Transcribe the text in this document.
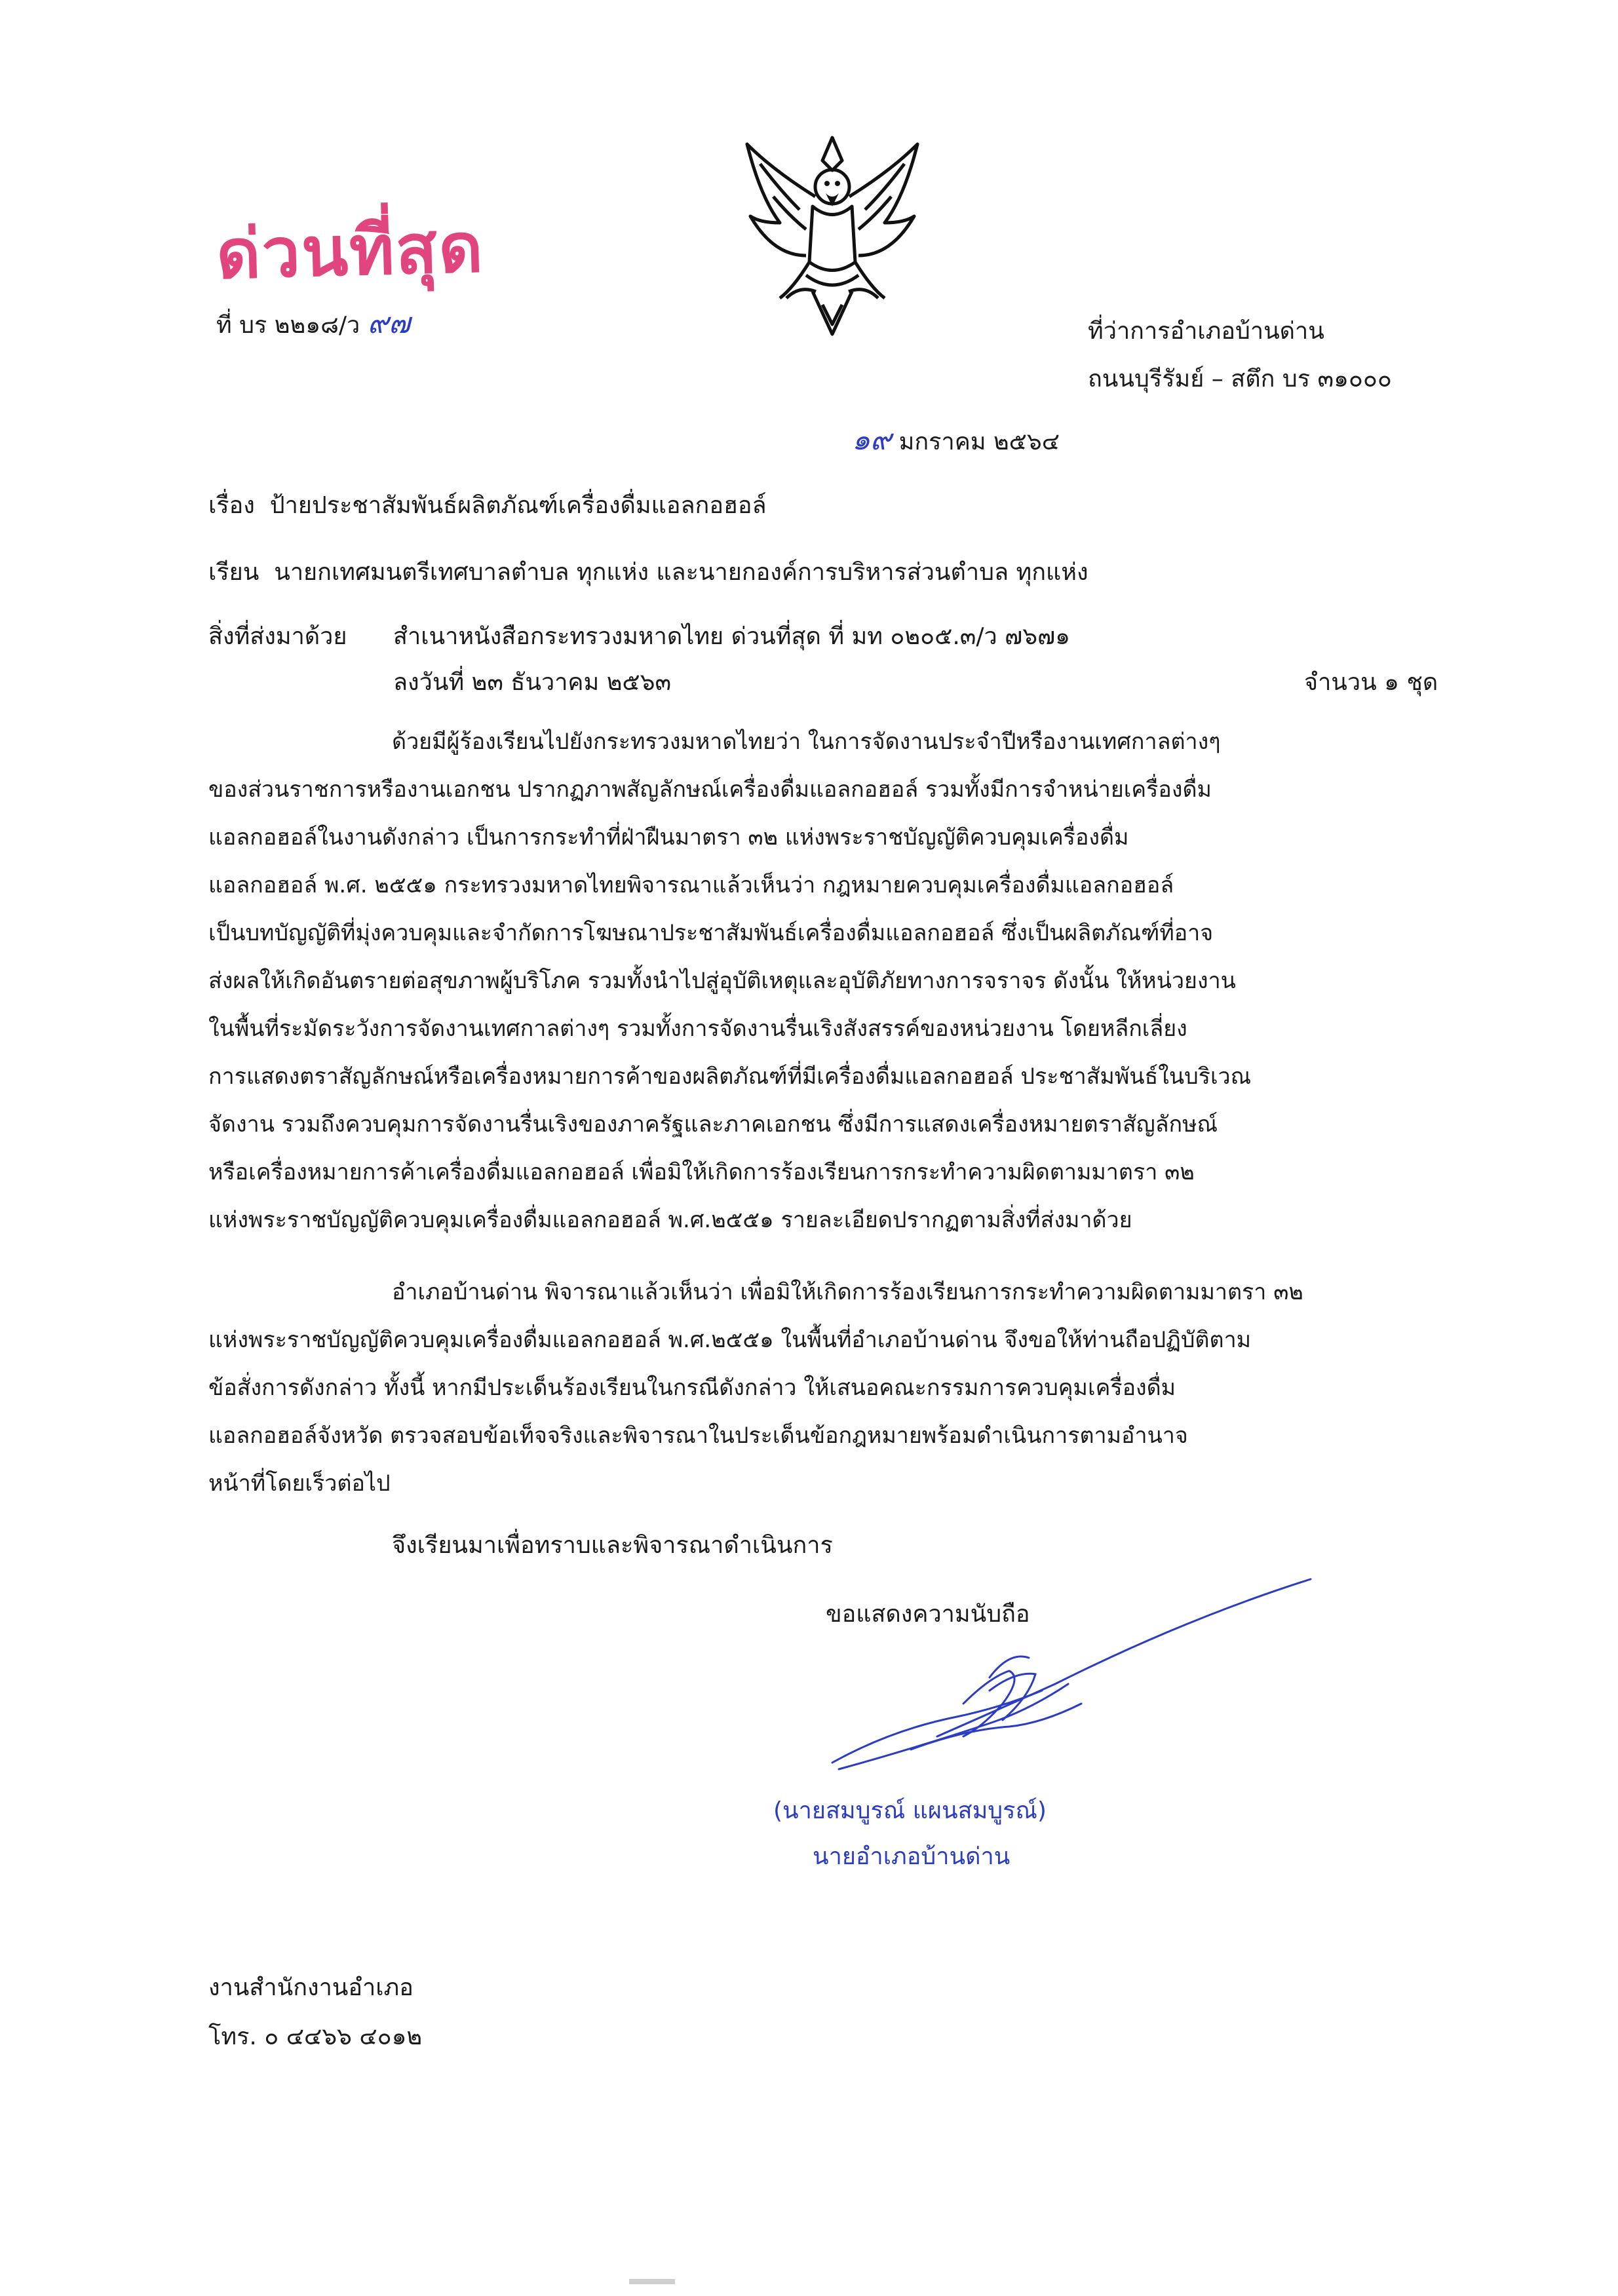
ด่วนที่สุด
ที่ บร ๒๒๑๘/ว ๙๗	ที่ว่าการอำเภอบ้านด่าน
ถนนบุรีรัมย์ – สตึก บร ๓๑๐๐๐
๑๙ มกราคม ๒๕๖๔
เรื่อง ป้ายประชาสัมพันธ์ผลิตภัณฑ์เครื่องดื่มแอลกอฮอล์
เรียน นายกเทศมนตรีเทศบาลตำบล ทุกแห่ง และนายกองค์การบริหารส่วนตำบล ทุกแห่ง
สิ่งที่ส่งมาด้วย สำเนาหนังสือกระทรวงมหาดไทย ด่วนที่สุด ที่ มท ๐๒๐๕.๓/ว ๗๖๗๑
ลงวันที่ ๒๓ ธันวาคม ๒๕๖๓	จำนวน ๑ ชุด
ด้วยมีผู้ร้องเรียนไปยังกระทรวงมหาดไทยว่า ในการจัดงานประจำปีหรืองานเทศกาลต่างๆ
ของส่วนราชการหรืองานเอกชน ปรากฏภาพสัญลักษณ์เครื่องดื่มแอลกอฮอล์ รวมทั้งมีการจำหน่ายเครื่องดื่ม
แอลกอฮอล์ในงานดังกล่าว เป็นการกระทำที่ฝ่าฝืนมาตรา ๓๒ แห่งพระราชบัญญัติควบคุมเครื่องดื่ม
แอลกอฮอล์ พ.ศ. ๒๕๕๑ กระทรวงมหาดไทยพิจารณาแล้วเห็นว่า กฎหมายควบคุมเครื่องดื่มแอลกอฮอล์
เป็นบทบัญญัติที่มุ่งควบคุมและจำกัดการโฆษณาประชาสัมพันธ์เครื่องดื่มแอลกอฮอล์ ซึ่งเป็นผลิตภัณฑ์ที่อาจ
ส่งผลให้เกิดอันตรายต่อสุขภาพผู้บริโภค รวมทั้งนำไปสู่อุบัติเหตุและอุบัติภัยทางการจราจร ดังนั้น ให้หน่วยงาน
ในพื้นที่ระมัดระวังการจัดงานเทศกาลต่างๆ รวมทั้งการจัดงานรื่นเริงสังสรรค์ของหน่วยงาน โดยหลีกเลี่ยง
การแสดงตราสัญลักษณ์หรือเครื่องหมายการค้าของผลิตภัณฑ์ที่มีเครื่องดื่มแอลกอฮอล์ ประชาสัมพันธ์ในบริเวณ
จัดงาน รวมถึงควบคุมการจัดงานรื่นเริงของภาครัฐและภาคเอกชน ซึ่งมีการแสดงเครื่องหมายตราสัญลักษณ์
หรือเครื่องหมายการค้าเครื่องดื่มแอลกอฮอล์ เพื่อมิให้เกิดการร้องเรียนการกระทำความผิดตามมาตรา ๓๒
แห่งพระราชบัญญัติควบคุมเครื่องดื่มแอลกอฮอล์ พ.ศ.๒๕๕๑ รายละเอียดปรากฏตามสิ่งที่ส่งมาด้วย
อำเภอบ้านด่าน พิจารณาแล้วเห็นว่า เพื่อมิให้เกิดการร้องเรียนการกระทำความผิดตามมาตรา ๓๒
แห่งพระราชบัญญัติควบคุมเครื่องดื่มแอลกอฮอล์ พ.ศ.๒๕๕๑ ในพื้นที่อำเภอบ้านด่าน จึงขอให้ท่านถือปฏิบัติตาม
ข้อสั่งการดังกล่าว ทั้งนี้ หากมีประเด็นร้องเรียนในกรณีดังกล่าว ให้เสนอคณะกรรมการควบคุมเครื่องดื่ม
แอลกอฮอล์จังหวัด ตรวจสอบข้อเท็จจริงและพิจารณาในประเด็นข้อกฎหมายพร้อมดำเนินการตามอำนาจ
หน้าที่โดยเร็วต่อไป
จึงเรียนมาเพื่อทราบและพิจารณาดำเนินการ
ขอแสดงความนับถือ
(นายสมบูรณ์ แผนสมบูรณ์)
นายอำเภอบ้านด่าน
งานสำนักงานอำเภอ
โทร. ๐ ๔๔๖๖ ๔๐๑๒
